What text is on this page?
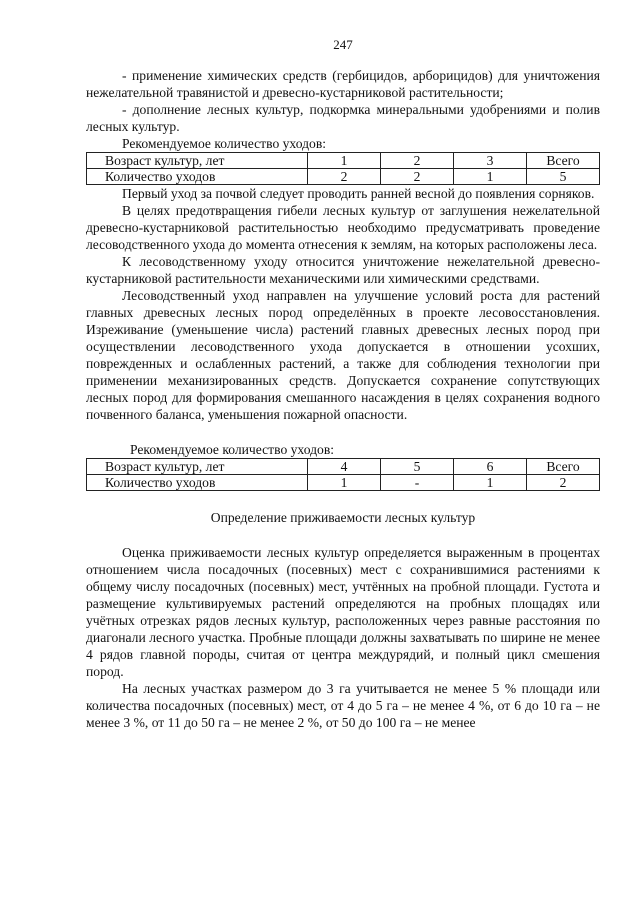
247

- применение химических средств (гербицидов, арборицидов) для уничтожения нежелательной травянистой и древесно-кустарниковой растительности;

- дополнение лесных культур, подкормка минеральными удобрениями и полив лесных культур.

Рекомендуемое количество уходов:

Возраст культур, лет	1	2	3	Всего
Количество уходов	2	2	1	5

Первый уход за почвой следует проводить ранней весной до появления сорняков.

В целях предотвращения гибели лесных культур от заглушения нежелательной древесно-кустарниковой растительностью необходимо предусматривать проведение лесоводственного ухода до момента отнесения к землям, на которых расположены леса.

К лесоводственному уходу относится уничтожение нежелательной древесно-кустарниковой растительности механическими или химическими средствами.

Лесоводственный уход направлен на улучшение условий роста для растений главных древесных лесных пород определённых в проекте лесовосстановления. Изреживание (уменьшение числа) растений главных древесных лесных пород при осуществлении лесоводственного ухода допускается в отношении усохших, поврежденных и ослабленных растений, а также для соблюдения технологии при применении механизированных средств. Допускается сохранение сопутствующих лесных пород для формирования смешанного насаждения в целях сохранения водного почвенного баланса, уменьшения пожарной опасности.

Рекомендуемое количество уходов:

Возраст культур, лет	4	5	6	Всего
Количество уходов	1	-	1	2

Определение приживаемости лесных культур

Оценка приживаемости лесных культур определяется выраженным в процентах отношением числа посадочных (посевных) мест с сохранившимися растениями к общему числу посадочных (посевных) мест, учтённых на пробной площади. Густота и размещение культивируемых растений определяются на пробных площадях или учётных отрезках рядов лесных культур, расположенных через равные расстояния по диагонали лесного участка. Пробные площади должны захватывать по ширине не менее 4 рядов главной породы, считая от центра междурядий, и полный цикл смешения пород.

На лесных участках размером до 3 га учитывается не менее 5 % площади или количества посадочных (посевных) мест, от 4 до 5 га – не менее 4 %, от 6 до 10 га – не менее 3 %, от 11 до 50 га – не менее 2 %, от 50 до 100 га – не менее
